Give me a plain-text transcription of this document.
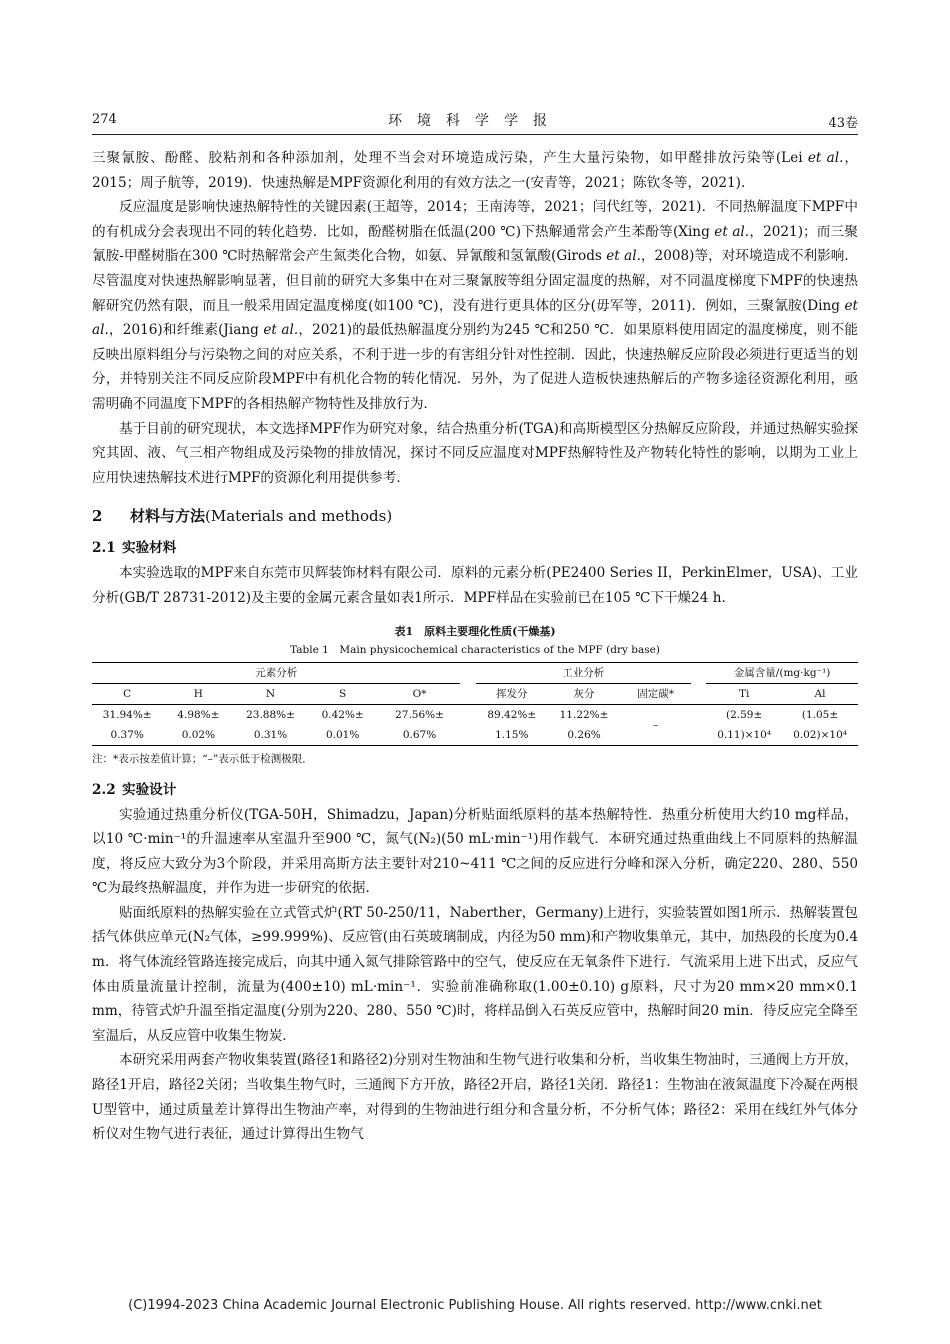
274	环境科学学报	43卷

三聚氰胺、酚醛、胶粘剂和各种添加剂，处理不当会对环境造成污染，产生大量污染物，如甲醛排放污染等(Lei et al.，2015；周子航等，2019)．快速热解是MPF资源化利用的有效方法之一(安青等，2021；陈钦冬等，2021).

反应温度是影响快速热解特性的关键因素(王超等，2014；王南涛等，2021；闫代红等，2021)．不同热解温度下MPF中的有机成分会表现出不同的转化趋势．比如，酚醛树脂在低温(200 ℃)下热解通常会产生苯酚等(Xing et al.，2021)；而三聚氰胺-甲醛树脂在300 ℃时热解常会产生氮类化合物，如氨、异氰酸和氢氰酸(Girods et al.，2008)等，对环境造成不利影响．尽管温度对快速热解影响显著，但目前的研究大多集中在对三聚氰胺等组分固定温度的热解，对不同温度梯度下MPF的快速热解研究仍然有限，而且一般采用固定温度梯度(如100 ℃)，没有进行更具体的区分(毋军等，2011)．例如，三聚氰胺(Ding et al.，2016)和纤维素(Jiang et al.，2021)的最低热解温度分别约为245 ℃和250 ℃．如果原料使用固定的温度梯度，则不能反映出原料组分与污染物之间的对应关系，不利于进一步的有害组分针对性控制．因此，快速热解反应阶段必须进行更适当的划分，并特别关注不同反应阶段MPF中有机化合物的转化情况．另外，为了促进人造板快速热解后的产物多途径资源化利用，亟需明确不同温度下MPF的各相热解产物特性及排放行为．

基于目前的研究现状，本文选择MPF作为研究对象，结合热重分析(TGA)和高斯模型区分热解反应阶段，并通过热解实验探究其固、液、气三相产物组成及污染物的排放情况，探讨不同反应温度对MPF热解特性及产物转化特性的影响，以期为工业上应用快速热解技术进行MPF的资源化利用提供参考．

2 材料与方法(Materials and methods)
2.1 实验材料

本实验选取的MPF来自东莞市贝辉装饰材料有限公司．原料的元素分析(PE2400 Series II，PerkinElmer，USA)、工业分析(GB/T 28731-2012)及主要的金属元素含量如表1所示．MPF样品在实验前已在105 ℃下干燥24 h.

表1　原料主要理化性质(干燥基)
Table 1　Main physicochemical characteristics of the MPF (dry base)
元素分析						工业分析				金属含量/(mg·kg⁻¹)	
C	H	N	S	O*		挥发分	灰分	固定碳*		Ti	Al
31.94%±	4.98%±	23.88%±	0.42%±	27.56%±		89.42%±	11.22%±	–		(2.59±	(1.05±
0.37%	0.02%	0.31%	0.01%	0.67%		1.15%	0.26%			0.11)×10⁴	0.02)×10⁴
注：*表示按差值计算；“–”表示低于检测极限．
2.2 实验设计

实验通过热重分析仪(TGA-50H，Shimadzu，Japan)分析贴面纸原料的基本热解特性．热重分析使用大约10 mg样品，以10 ℃·min⁻¹的升温速率从室温升至900 ℃，氮气(N₂)(50 mL·min⁻¹)用作载气．本研究通过热重曲线上不同原料的热解温度，将反应大致分为3个阶段，并采用高斯方法主要针对210~411 ℃之间的反应进行分峰和深入分析，确定220、280、550 ℃为最终热解温度，并作为进一步研究的依据．

贴面纸原料的热解实验在立式管式炉(RT 50-250/11，Naberther，Germany)上进行，实验装置如图1所示．热解装置包括气体供应单元(N₂气体，≥99.999%)、反应管(由石英玻璃制成，内径为50 mm)和产物收集单元，其中，加热段的长度为0.4 m．将气体流经管路连接完成后，向其中通入氮气排除管路中的空气，使反应在无氧条件下进行．气流采用上进下出式，反应气体由质量流量计控制，流量为(400±10) mL·min⁻¹．实验前准确称取(1.00±0.10) g原料，尺寸为20 mm×20 mm×0.1 mm，待管式炉升温至指定温度(分别为220、280、550 ℃)时，将样品倒入石英反应管中，热解时间20 min．待反应完全降至室温后，从反应管中收集生物炭．

本研究采用两套产物收集装置(路径1和路径2)分别对生物油和生物气进行收集和分析，当收集生物油时，三通阀上方开放，路径1开启，路径2关闭；当收集生物气时，三通阀下方开放，路径2开启，路径1关闭．路径1：生物油在液氮温度下冷凝在两根U型管中，通过质量差计算得出生物油产率，对得到的生物油进行组分和含量分析，不分析气体；路径2：采用在线红外气体分析仪对生物气进行表征，通过计算得出生物气

(C)1994-2023 China Academic Journal Electronic Publishing House. All rights reserved. http://www.cnki.net
